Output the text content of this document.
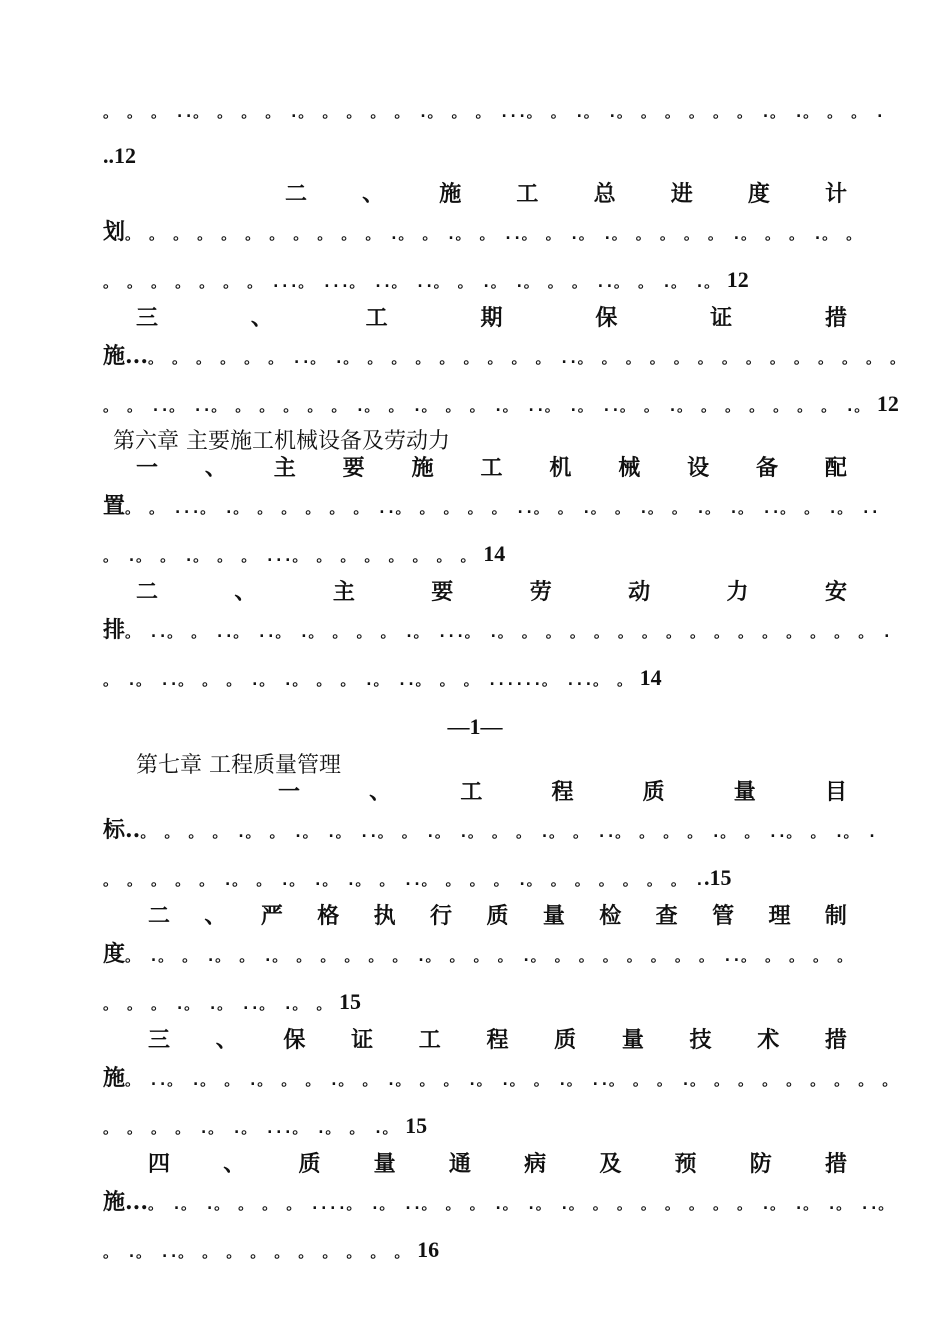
。 。 。 ..。 。 。 。 .。 。 。 。 。 .。 。 。 ...。 。 .。 .。 。 。 。 。 。 .。 .。 。 。 .
..12
二	、	施	工	总	进	度	计
划。 。 。 。 。 。 。 。 。 。 。 .。 。 .。 。 ..。 。 .。 .。 。 。 。 。 .。 。 。 .。 。
。 。 。 。 。 。 。 ...。 ...。 ..。 ..。 。 .。 .。 。 。 ..。 。 .。 .。 12
三	、	工	期	保	证	措
施...。 。 。 。 。 。 ..。 .。 。 。 。 。 。 。 。 。 ..。 。 。 。 。 。 。 。 。 。 。 。 。 。
。 。 ..。 ..。 。 。 。 。 。 .。 。 .。 。 。 .。 ..。 .。 ..。 。 .。 。 。 。 。 。 。 .。 12
第六章 主要施工机械设备及劳动力
一 、 主 要 施 工 机 械 设 备 配
置。 。 ...。 .。 。 。 。 。 。 ..。 。 。 。 。 ..。 。 .。 。 .。 。 .。 .。 ..。 。 .。 ..
。 .。 。 .。 。 。 ...。 。 。 。 。 。 。 。 14
二	、	主	要	劳	动	力	安
排。 ..。 。 ..。 ..。 .。 。 。 。 .。 ...。 .。 。 。 。 。 。 。 。 。 。 。 。 。 。 。 。 .
。 .。 ..。 。 。 .。 .。 。 。 .。 ..。 。 。 ......。 ...。 。 14
—1—
第七章 工程质量管理
一	、	工	程	质	量	目
标..。 。 。 。 .。 。 .。 .。 ..。 。 .。 .。 。 。 .。 。 ..。 。 。 。 .。 。 ..。 。 .。 .
。 。 。 。 。 .。 。 .。 .。 .。 。 ..。 。 。 。 .。 。 。 。 。 。 。 ..15
二 、 严 格 执 行 质 量 检 查 管 理 制
度。 .。 。 .。 。 .。 。 。 。 。 。 .。 。 。 。 .。 。 。 。 。 。 。 。 ..。 。 。 。 。
。 。 。 .。 .。 ..。 .。 。 15
三 、 保 证 工 程 质 量 技 术 措
施。 ..。 .。 。 .。 。 。 .。 。 .。 。 。 .。 .。 。 .。 ..。 。 。 .。 。 。 。 。 。 。 。 。
。 。 。 。 .。 .。 ...。 .。 。 .。 15
四 、 质 量 通 病 及 预 防 措
施...。 .。 .。 。 。 。 ....。 .。 ..。 。 。 .。 .。 .。 。 。 。 。 。 。 。 .。 .。 .。 ..。
。 .。 ..。 。 。 。 。 。 。 。 。 。 16
